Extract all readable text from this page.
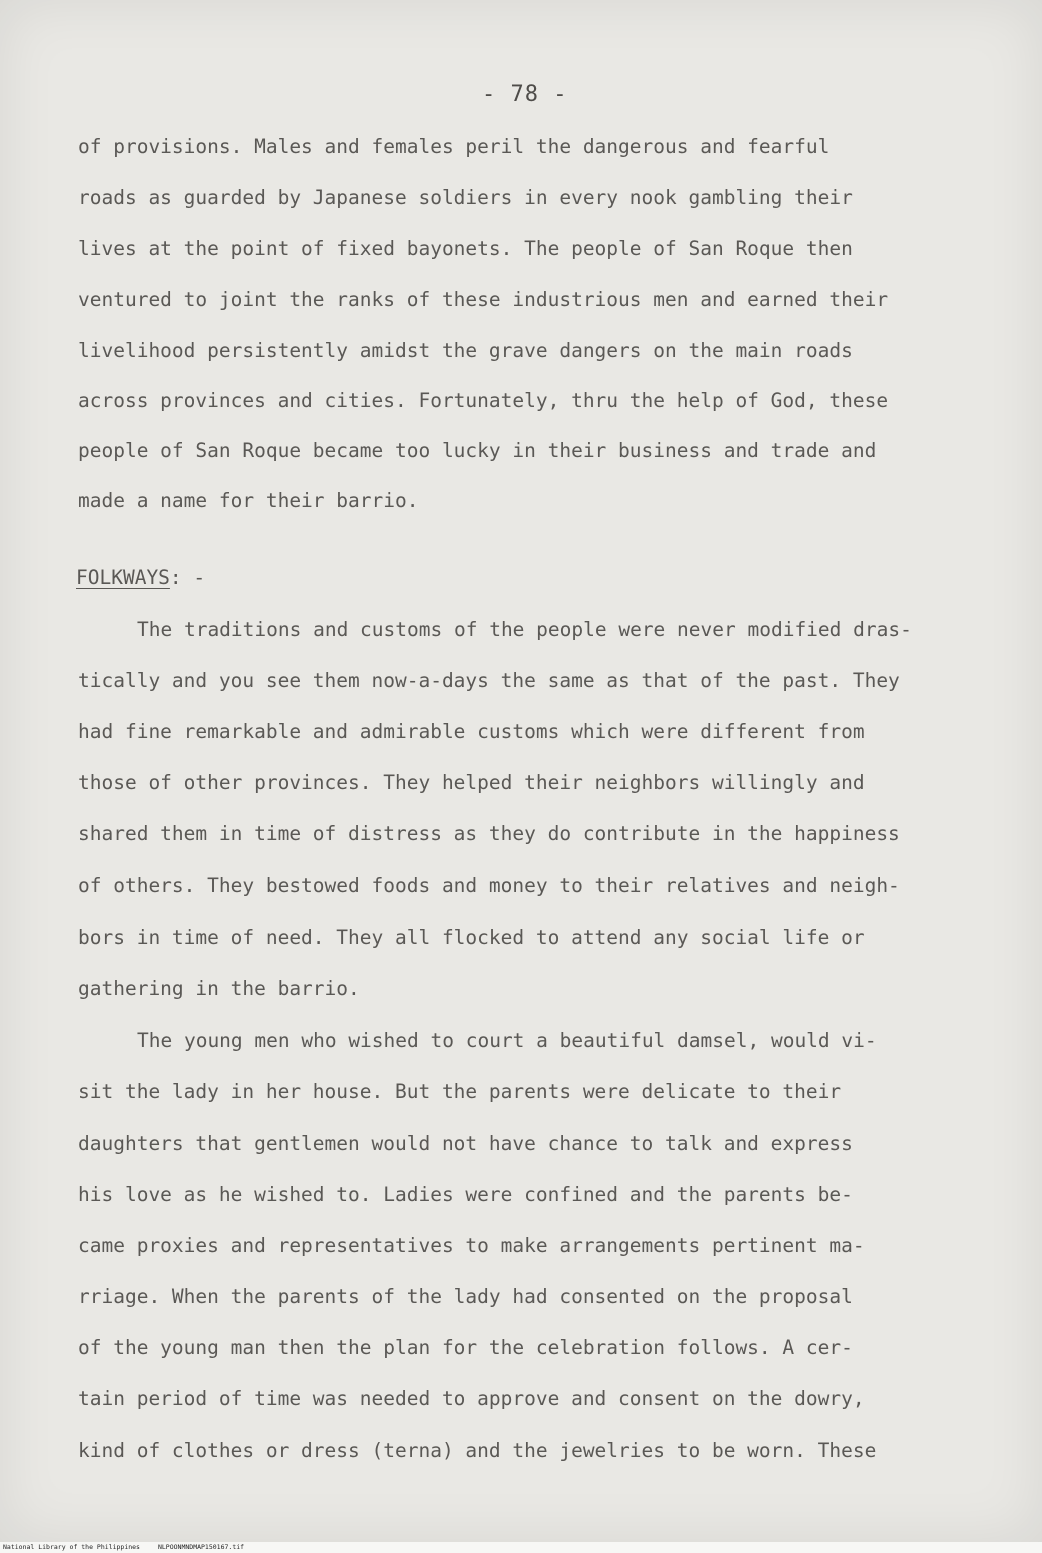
- 78 -
of provisions. Males and females peril the dangerous and fearful
roads as guarded by Japanese soldiers in every nook gambling their
lives at the point of fixed bayonets. The people of San Roque then
ventured to joint the ranks of these industrious men and earned their
livelihood persistently amidst the grave dangers on the main roads
across provinces and cities. Fortunately, thru the help of God, these
people of San Roque became too lucky in their business and trade and
made a name for their barrio.
FOLKWAYS: -
The traditions and customs of the people were never modified dras-
tically and you see them now-a-days the same as that of the past. They
had fine remarkable and admirable customs which were different from
those of other provinces. They helped their neighbors willingly and
shared them in time of distress as they do contribute in the happiness
of others. They bestowed foods and money to their relatives and neigh-
bors in time of need. They all flocked to attend any social life or
gathering in the barrio.
The young men who wished to court a beautiful damsel, would vi-
sit the lady in her house. But the parents were delicate to their
daughters that gentlemen would not have chance to talk and express
his love as he wished to. Ladies were confined and the parents be-
came proxies and representatives to make arrangements pertinent ma-
rriage. When the parents of the lady had consented on the proposal
of the young man then the plan for the celebration follows. A cer-
tain period of time was needed to approve and consent on the dowry,
kind of clothes or dress (terna) and the jewelries to be worn. These
National Library of the Philippines	NLPOONMNDMAP150167.tif
